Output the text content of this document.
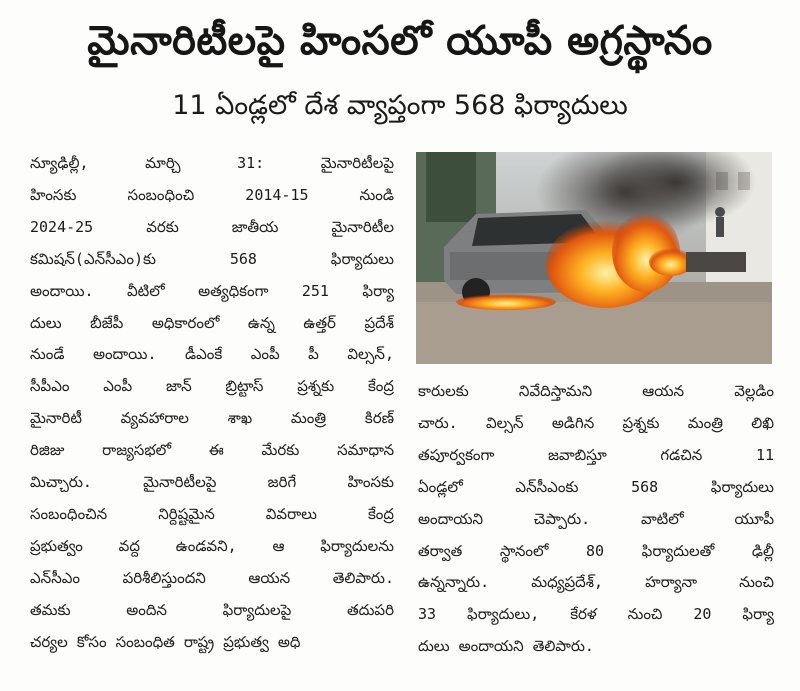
మైనారిటీలపై హింసలో యూపీ అగ్రస్థానం
11 ఏండ్లలో దేశ వ్యాప్తంగా 568 ఫిర్యాదులు
న్యూఢిల్లీ, మార్చి 31: మైనారిటీలపై
హింసకు సంబంధించి 2014-15 నుండి
2024-25 వరకు జాతీయ మైనారిటీల
కమిషన్(ఎన్‌సీఎం)కు 568 ఫిర్యాదులు
అందాయి. వీటిలో అత్యధికంగా 251 ఫిర్యా
దులు బీజేపీ అధికారంలో ఉన్న ఉత్తర్ ప్రదేశ్
నుండే అందాయి. డీఎంకే ఎంపీ పీ విల్సన్,
సీపీఎం ఎంపీ జాన్ బ్రిట్టాస్ ప్రశ్నకు కేంద్ర
మైనారిటీ వ్యవహారాల శాఖ మంత్రి కిరణ్
రిజిజు రాజ్యసభలో ఈ మేరకు సమాధాన
మిచ్చారు. మైనారిటీలపై జరిగే హింసకు
సంబంధించిన నిర్దిష్టమైన వివరాలు కేంద్ర
ప్రభుత్వం వద్ద ఉండవని, ఆ ఫిర్యాదులను
ఎన్‌సీఎం పరిశీలిస్తుందని ఆయన తెలిపారు.
తమకు అందిన ఫిర్యాదులపై తదుపరి
చర్యల కోసం సంబంధిత రాష్ట్ర ప్రభుత్వ అధి
కారులకు నివేదిస్తామని ఆయన వెల్లడిం
చారు. విల్సన్ అడిగిన ప్రశ్నకు మంత్రి లిఖి
తపూర్వకంగా జవాబిస్తూ గడచిన 11
ఏండ్లలో ఎన్‌సీఎంకు 568 ఫిర్యాదులు
అందాయని చెప్పారు. వాటిలో యూపీ
తర్వాత స్థానంలో 80 ఫిర్యాదులతో ఢిల్లీ
ఉన్నన్నారు. మధ్యప్రదేశ్, హర్యానా నుంచి
33 ఫిర్యాదులు, కేరళ నుంచి 20 ఫిర్యా
దులు అందాయని తెలిపారు.
